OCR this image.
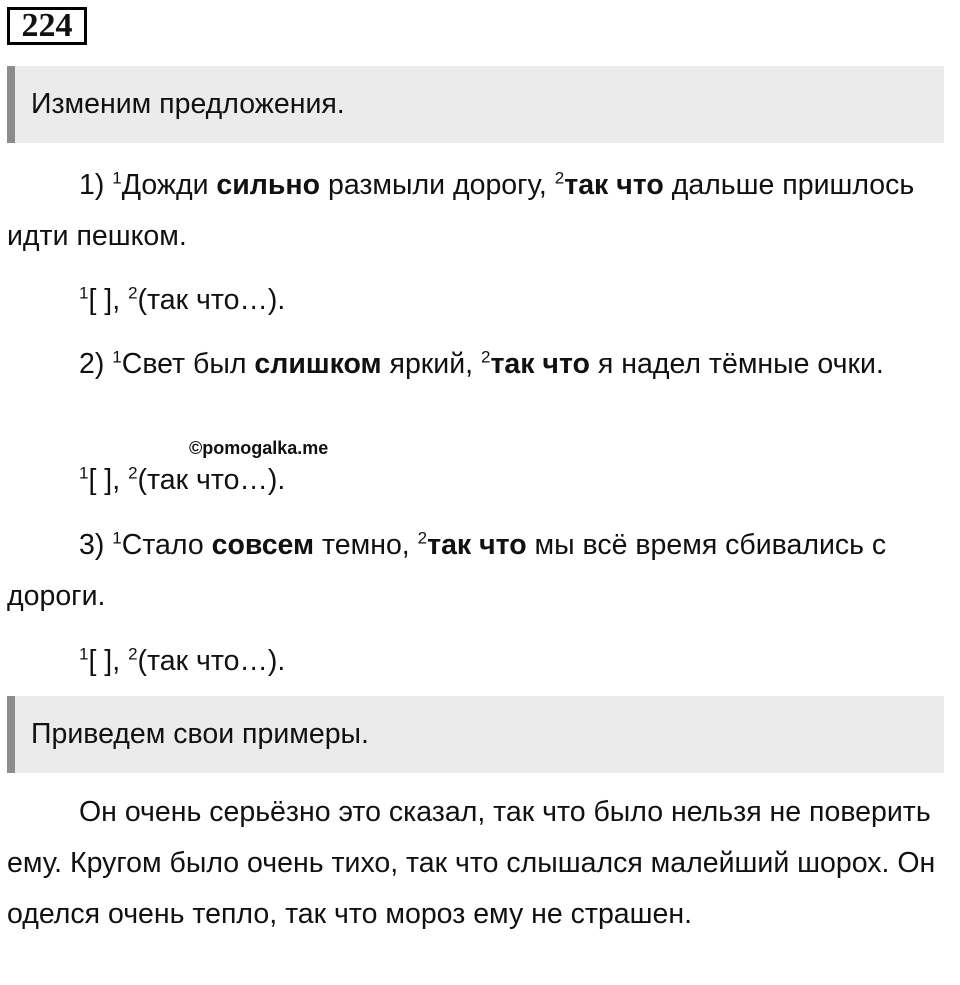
224
Изменим предложения.

1) $^1$Дожди сильно размыли дорогу, $^2$так что дальше пришлось идти пешком.

$^1$[ ], $^2$(так что…).

2) $^1$Свет был слишком яркий, $^2$так что я надел тёмные очки.

©pomogalka.me
$^1$[ ], $^2$(так что…).

3) $^1$Стало совсем темно, $^2$так что мы всё время сбивались с дороги.

$^1$[ ], $^2$(так что…).
Приведем свои примеры.

Он очень серьёзно это сказал, так что было нельзя не поверить ему. Кругом было очень тихо, так что слышался малейший шорох. Он оделся очень тепло, так что мороз ему не страшен.
